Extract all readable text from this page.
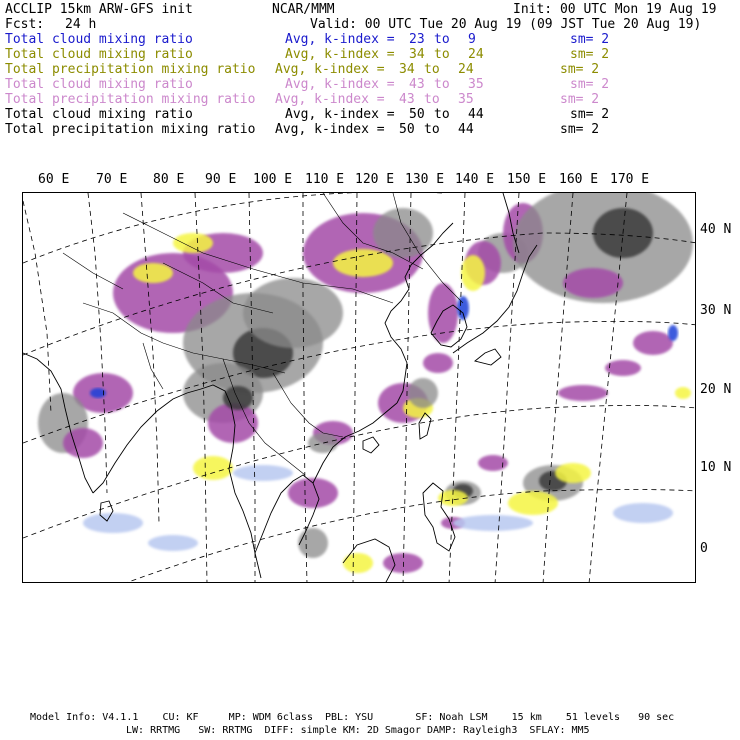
ACCLIP 15km ARW-GFS init	NCAR/MMM	Init: 00 UTC Mon 19 Aug 19
Fcst: 24 h	Valid: 00 UTC Tue 20 Aug 19 (09 JST Tue 20 Aug 19)
Total cloud mixing ratio	Avg, k-index = 23 to 9	sm= 2
Total cloud mixing ratio	Avg, k-index = 34 to 24	sm= 2
Total precipitation mixing ratio Avg, k-index = 34 to 24	sm= 2
Total cloud mixing ratio	Avg, k-index = 43 to 35	sm= 2
Total precipitation mixing ratio Avg, k-index = 43 to 35	sm= 2
Total cloud mixing ratio	Avg, k-index = 50 to 44	sm= 2
Total precipitation mixing ratio Avg, k-index = 50 to 44	sm= 2
60 E 70 E 80 E 90 E 100 E 110 E 120 E 130 E 140 E 150 E 160 E 170 E
40 N
30 N
20 N
10 N
0
Model Info: V4.1.1    CU: KF     MP: WDM 6class  PBL: YSU       SF: Noah LSM    15 km    51 levels   90 sec
LW: RRTMG   SW: RRTMG  DIFF: simple KM: 2D Smagor DAMP: Rayleigh3  SFLAY: MM5
